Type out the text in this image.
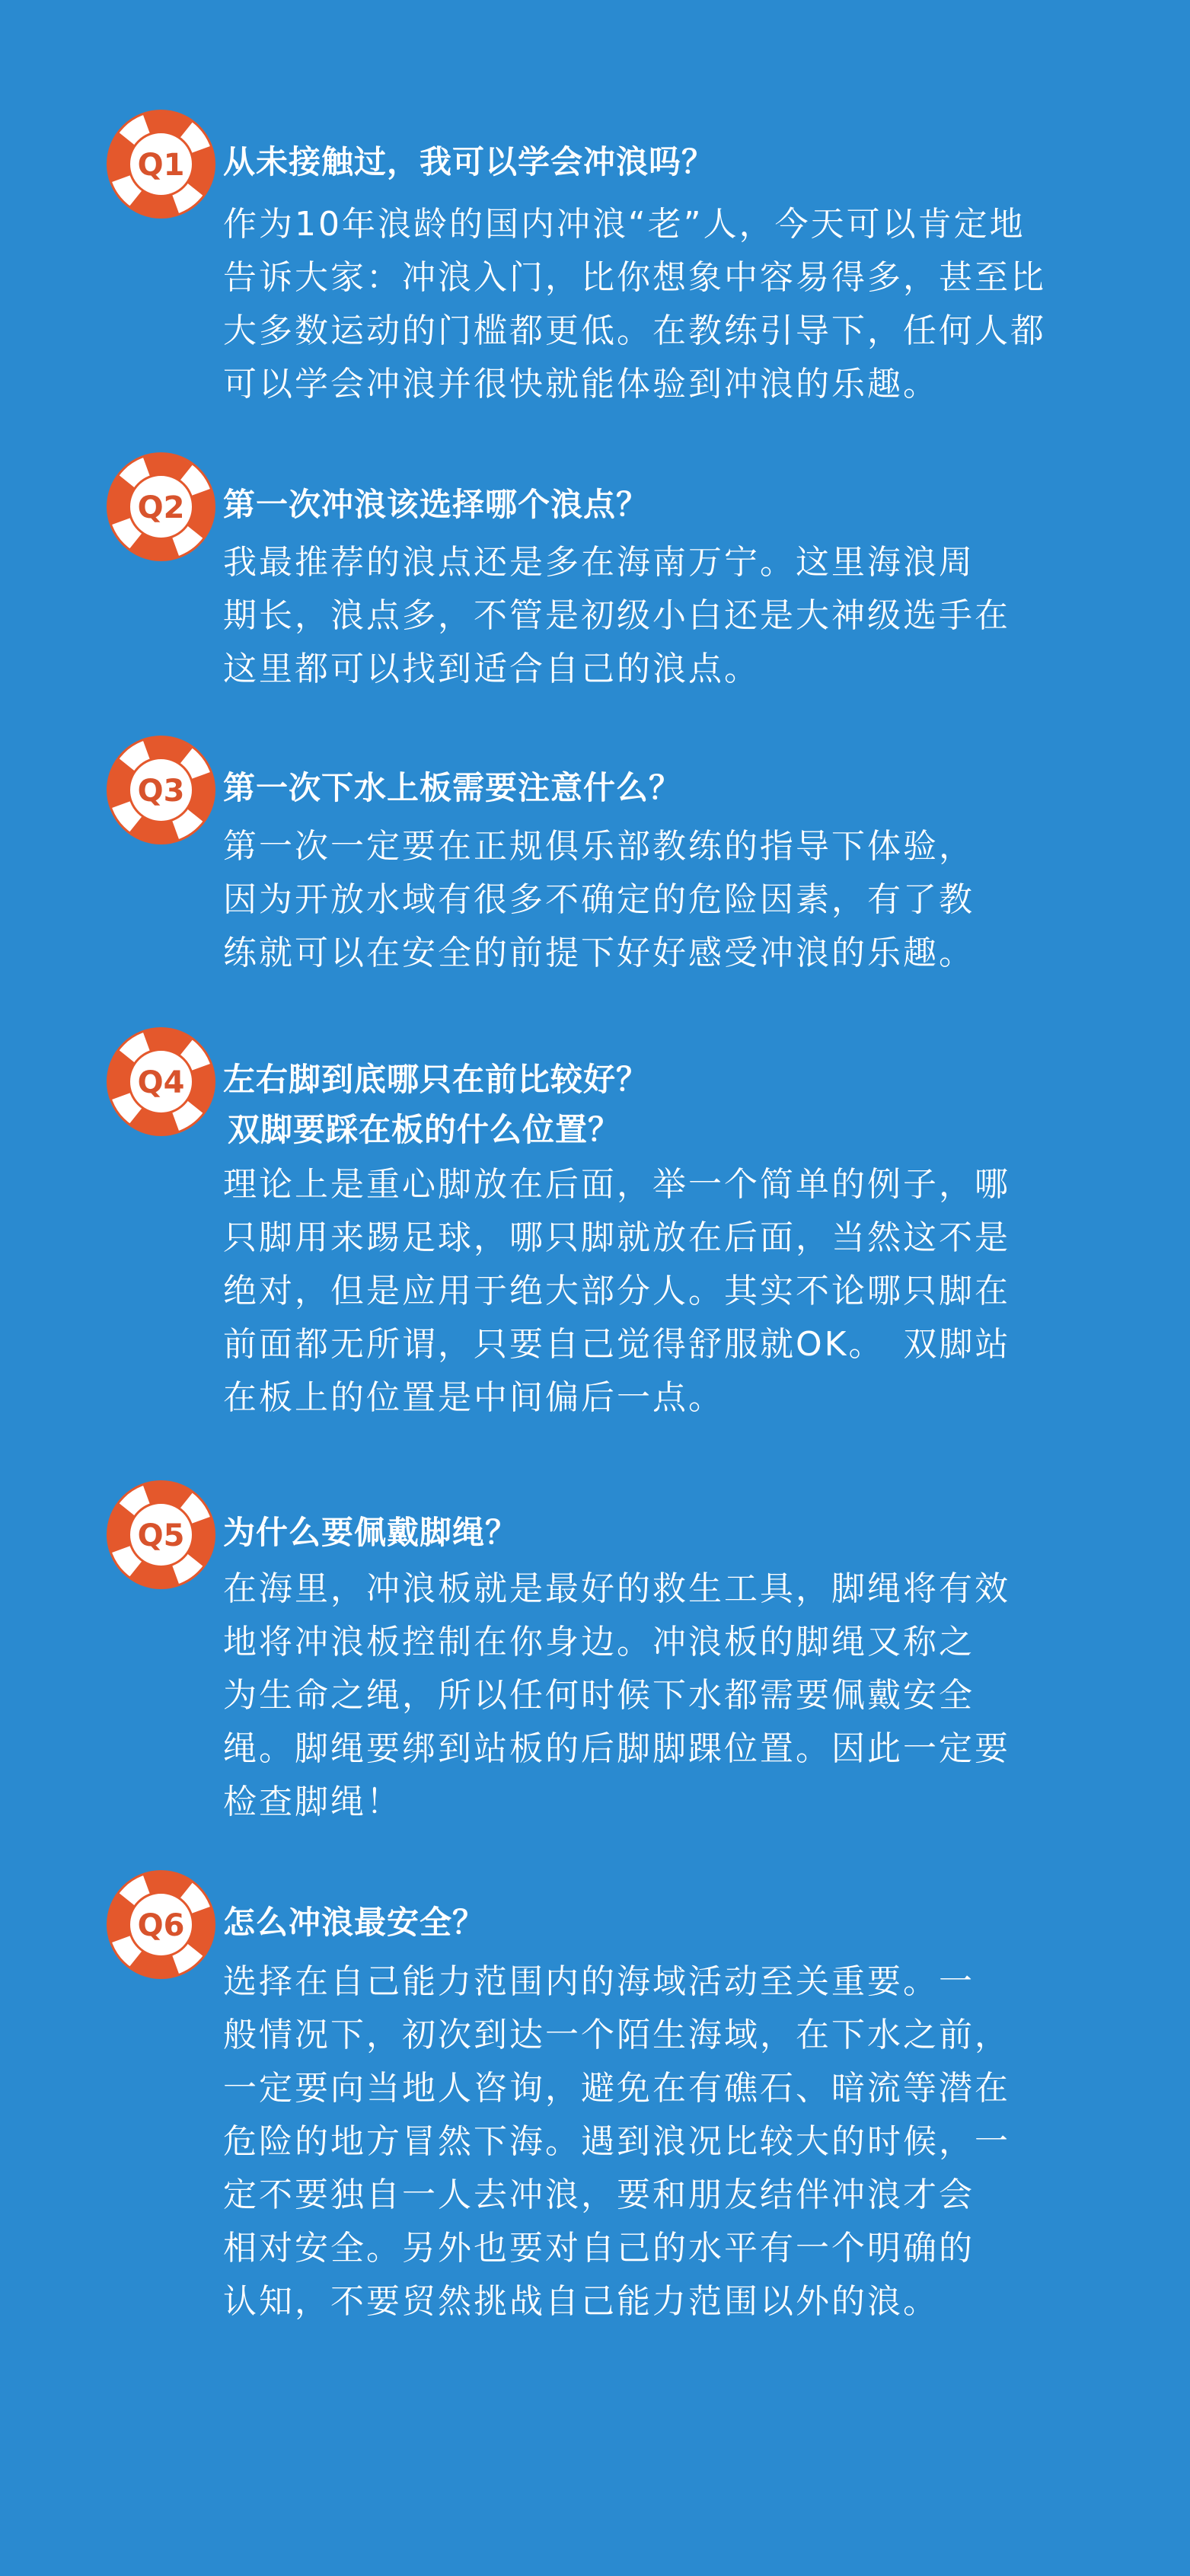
Q1 从未接触过，我可以学会冲浪吗？
作为10年浪龄的国内冲浪“老”人，今天可以肯定地
告诉大家：冲浪入门，比你想象中容易得多，甚至比
大多数运动的门槛都更低。在教练引导下，任何人都
可以学会冲浪并很快就能体验到冲浪的乐趣。
Q2 第一次冲浪该选择哪个浪点？
我最推荐的浪点还是多在海南万宁。这里海浪周
期长，浪点多，不管是初级小白还是大神级选手在
这里都可以找到适合自己的浪点。
Q3 第一次下水上板需要注意什么？
第一次一定要在正规俱乐部教练的指导下体验，
因为开放水域有很多不确定的危险因素，有了教
练就可以在安全的前提下好好感受冲浪的乐趣。
Q4 左右脚到底哪只在前比较好？
双脚要踩在板的什么位置？
理论上是重心脚放在后面，举一个简单的例子，哪
只脚用来踢足球，哪只脚就放在后面，当然这不是
绝对，但是应用于绝大部分人。其实不论哪只脚在
前面都无所谓，只要自己觉得舒服就OK。　双脚站
在板上的位置是中间偏后一点。
Q5 为什么要佩戴脚绳？
在海里，冲浪板就是最好的救生工具，脚绳将有效
地将冲浪板控制在你身边。冲浪板的脚绳又称之
为生命之绳，所以任何时候下水都需要佩戴安全
绳。脚绳要绑到站板的后脚脚踝位置。因此一定要
检查脚绳！
Q6 怎么冲浪最安全？
选择在自己能力范围内的海域活动至关重要。一
般情况下，初次到达一个陌生海域，在下水之前，
一定要向当地人咨询，避免在有礁石、暗流等潜在
危险的地方冒然下海。遇到浪况比较大的时候，一
定不要独自一人去冲浪，要和朋友结伴冲浪才会
相对安全。另外也要对自己的水平有一个明确的
认知，不要贸然挑战自己能力范围以外的浪。
